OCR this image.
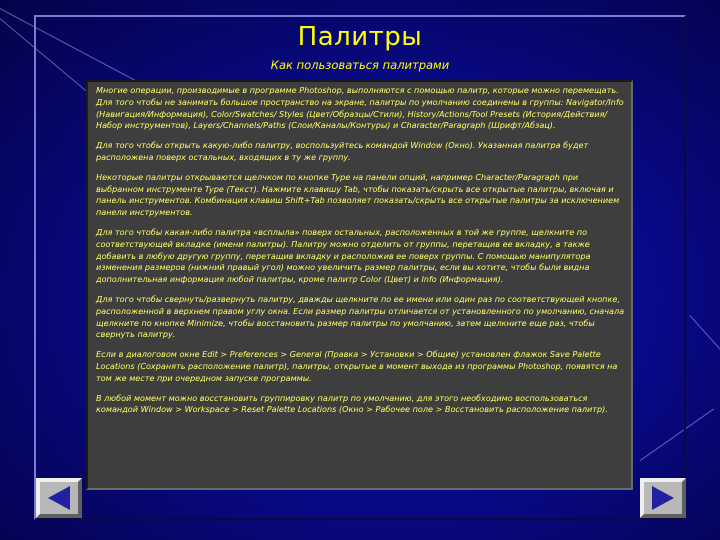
Палитры
Как пользоваться палитрами

Многие операции, производимые в программе Photoshop, выполняются с помощью палитр, которые можно перемещать. Для того чтобы не занимать большое пространство на экране, палитры по умолчанию соединены в группы: Navigator/Info (Навигация/Информация), Color/Swatches/ Styles (Цвет/Образцы/Стили), History/Actions/Tool Presets (История/Действия/Набор инструментов), Layers/Channels/Paths (Слои/Каналы/Контуры) и Character/Paragraph (Шрифт/Абзац).

Для того чтобы открыть какую-либо палитру, воспользуйтесь командой Window (Окно). Указанная палитра будет расположена поверх остальных, входящих в ту же группу.

Некоторые палитры открываются щелчком по кнопке Type на панели опций, например Character/Paragraph при выбранном инструменте Type (Текст). Нажмите клавишу Tab, чтобы показать/скрыть все открытые палитры, включая и панель инструментов. Комбинация клавиш Shift+Tab позволяет показать/скрыть все открытые палитры за исключением панели инструментов.

Для того чтобы какая-либо палитра «всплыла» поверх остальных, расположенных в той же группе, щелкните по соответствующей вкладке (имени палитры). Палитру можно отделить от группы, перетащив ее вкладку, а также добавить в любую другую группу, перетащив вкладку и расположив ее поверх группы. С помощью манипулятора изменения размеров (нижний правый угол) можно увеличить размер палитры, если вы хотите, чтобы были видна дополнительная информация любой палитры, кроме палитр Color (Цвет) и Info (Информация).

Для того чтобы свернуть/развернуть палитру, дважды щелкните по ее имени или один раз по соответствующей кнопке, расположенной в верхнем правом углу окна. Если размер палитры отличается от установленного по умолчанию, сначала щелкните по кнопке Minimize, чтобы восстановить размер палитры по умолчанию, затем щелкните еще раз, чтобы свернуть палитру.

Если в диалоговом окне Edit > Preferences > General (Правка > Установки > Общие) установлен флажок Save Palette Locations (Сохранять расположение палитр), палитры, открытые в момент выхода из программы Photoshop, появятся на том же месте при очередном запуске программы.

В любой момент можно восстановить группировку палитр по умолчанию, для этого необходимо воспользоваться командой Window > Workspace > Reset Palette Locations (Окно > Рабочее поле > Восстановить расположение палитр).
